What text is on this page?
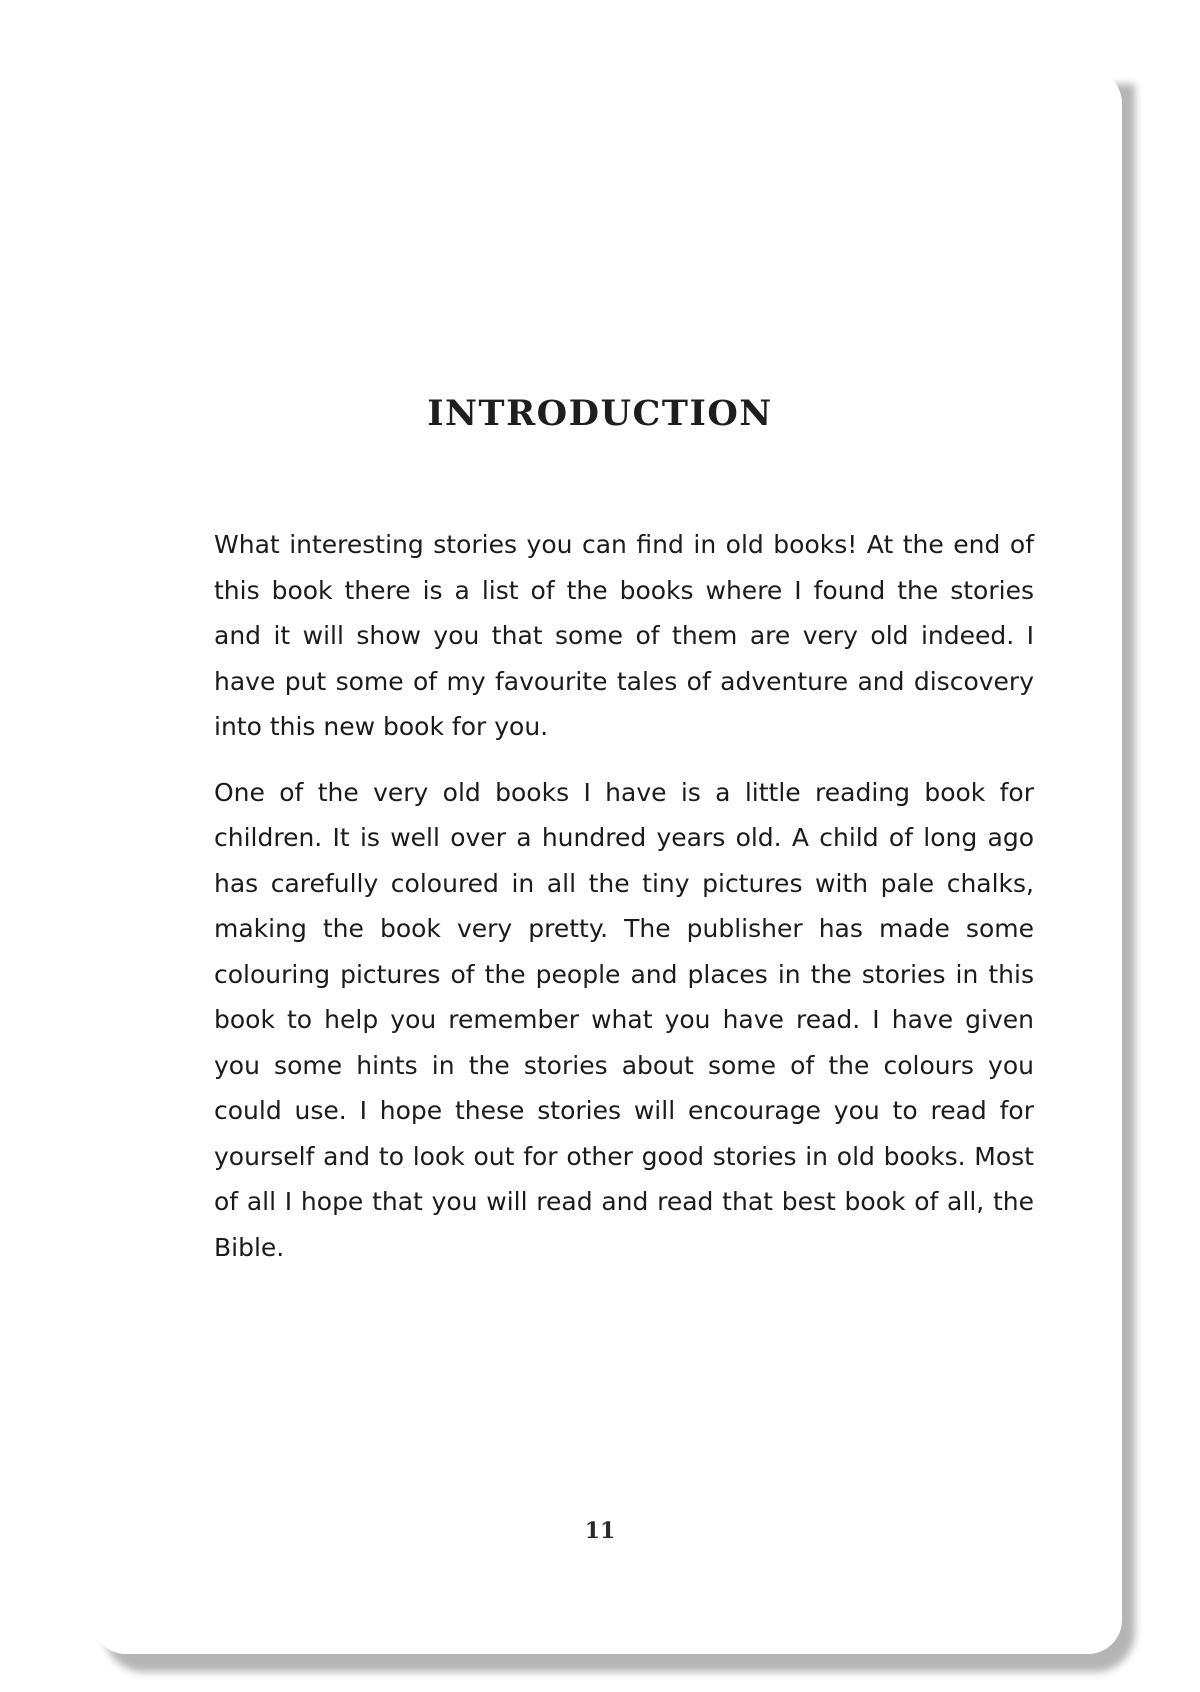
INTRODUCTION

What interesting stories you can find in old books! At the end of this book there is a list of the books where I found the stories and it will show you that some of them are very old indeed. I have put some of my favourite tales of adventure and discovery into this new book for you.

One of the very old books I have is a little reading book for children. It is well over a hundred years old. A child of long ago has carefully coloured in all the tiny pictures with pale chalks, making the book very pretty. The publisher has made some colouring pictures of the people and places in the stories in this book to help you remember what you have read. I have given you some hints in the stories about some of the colours you could use. I hope these stories will encourage you to read for yourself and to look out for other good stories in old books. Most of all I hope that you will read and read that best book of all, the Bible.

11
